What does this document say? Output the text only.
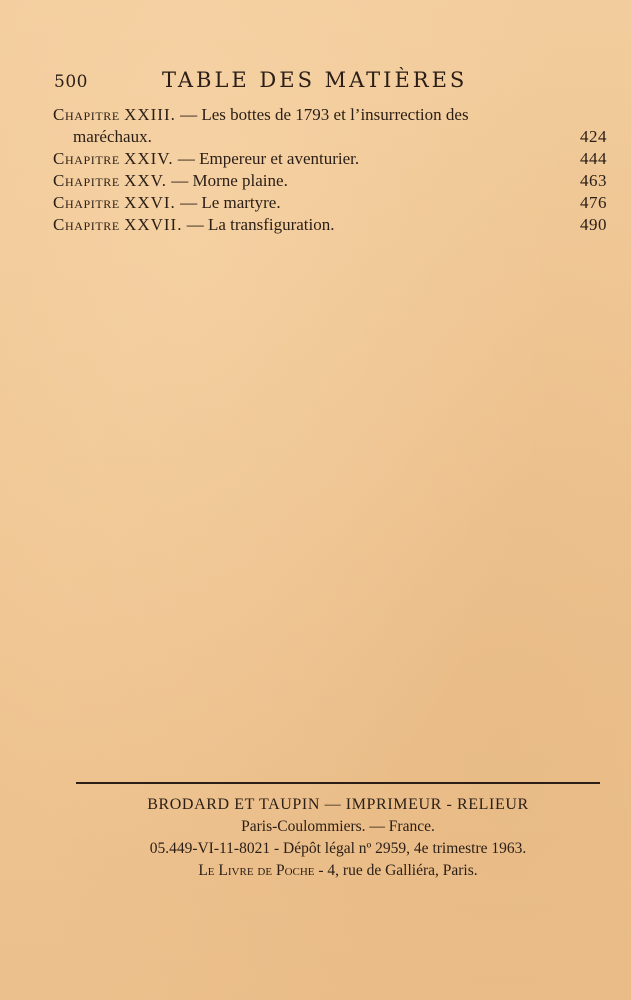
500	TABLE DES MATIÈRES
Chapitre XXIII. — Les bottes de 1793 et l’insurrection des
maréchaux.	424
Chapitre XXIV. — Empereur et aventurier.	444
Chapitre XXV. — Morne plaine.	463
Chapitre XXVI. — Le martyre.	476
Chapitre XXVII. — La transfiguration.	490
BRODARD ET TAUPIN — IMPRIMEUR - RELIEUR
Paris-Coulommiers. — France.
05.449-VI-11-8021 - Dépôt légal nº 2959, 4e trimestre 1963.
Le Livre de Poche - 4, rue de Galliéra, Paris.
